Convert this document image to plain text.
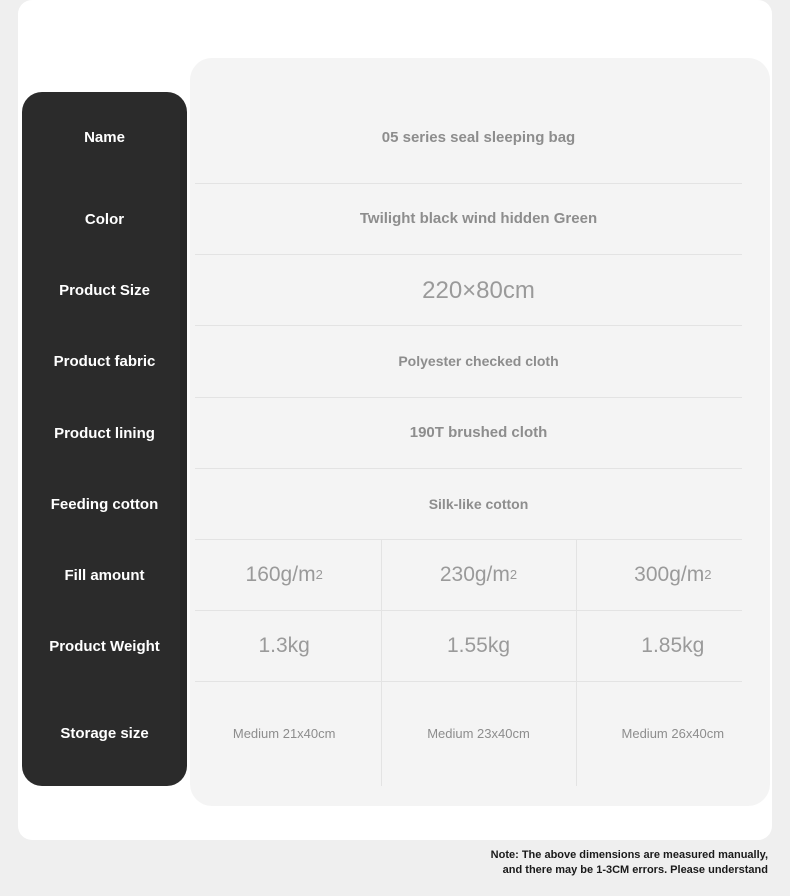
Name	05 series seal sleeping bag
Color	Twilight black wind hidden Green
Product Size	220×80cm
Product fabric	Polyester checked cloth
Product lining	190T brushed cloth
Feeding cotton	Silk-like cotton
Fill amount	160g/m 2	230g/m 2	300g/m 2
Product Weight	1.3kg	1.55kg	1.85kg
Storage size	Medium 21x40cm	Medium 23x40cm	Medium 26x40cm
Note: The above dimensions are measured manually,
and there may be 1-3CM errors. Please understand
